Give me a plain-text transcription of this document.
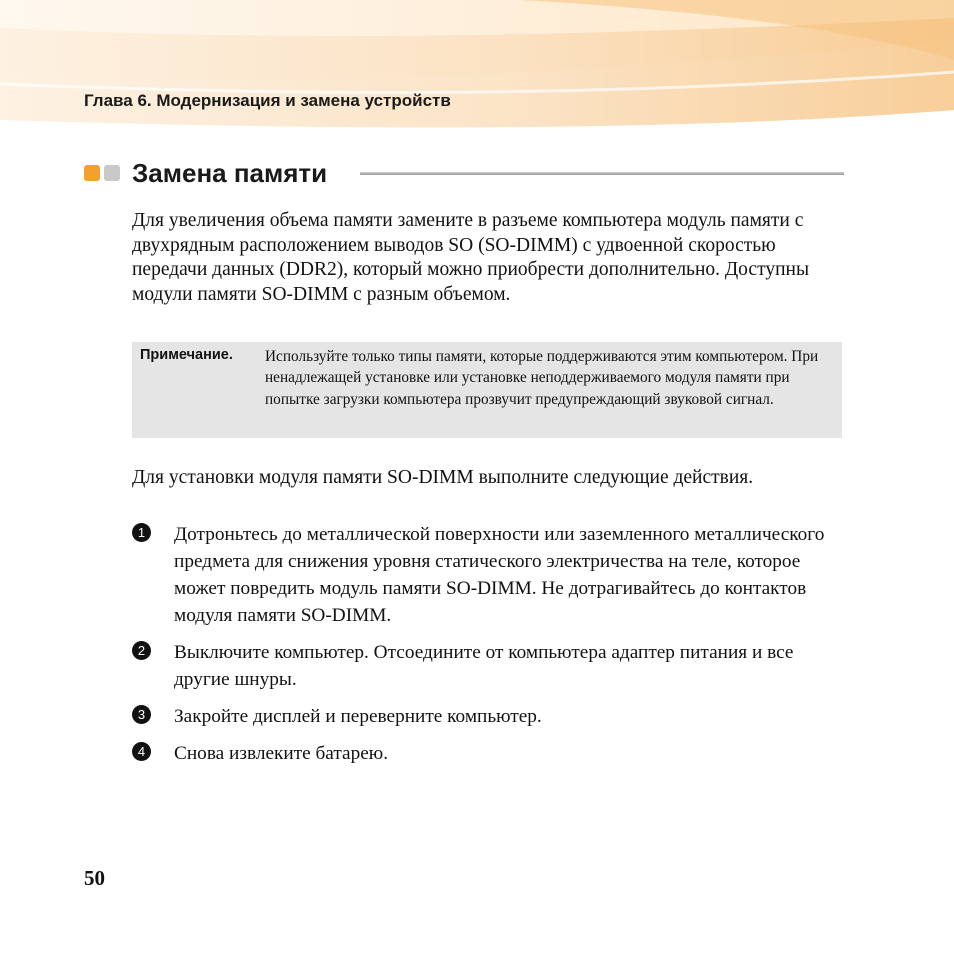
Глава 6. Модернизация и замена устройств
Замена памяти

Для увеличения объема памяти замените в разъеме компьютера модуль памяти с двухрядным расположением выводов SO (SO-DIMM) с удвоенной скоростью передачи данных (DDR2), который можно приобрести дополнительно. Доступны модули памяти SO-DIMM с разным объемом.

Примечание. Используйте только типы памяти, которые поддерживаются этим компьютером. При ненадлежащей установке или установке неподдерживаемого модуля памяти при попытке загрузки компьютера прозвучит предупреждающий звуковой сигнал.

Для установки модуля памяти SO-DIMM выполните следующие действия.

1	Дотроньтесь до металлической поверхности или заземленного металлического предмета для снижения уровня статического электричества на теле, которое может повредить модуль памяти SO-DIMM. Не дотрагивайтесь до контактов модуля памяти SO-DIMM.

2	Выключите компьютер. Отсоедините от компьютера адаптер питания и все другие шнуры.

3	Закройте дисплей и переверните компьютер.

4	Снова извлеките батарею.

50
